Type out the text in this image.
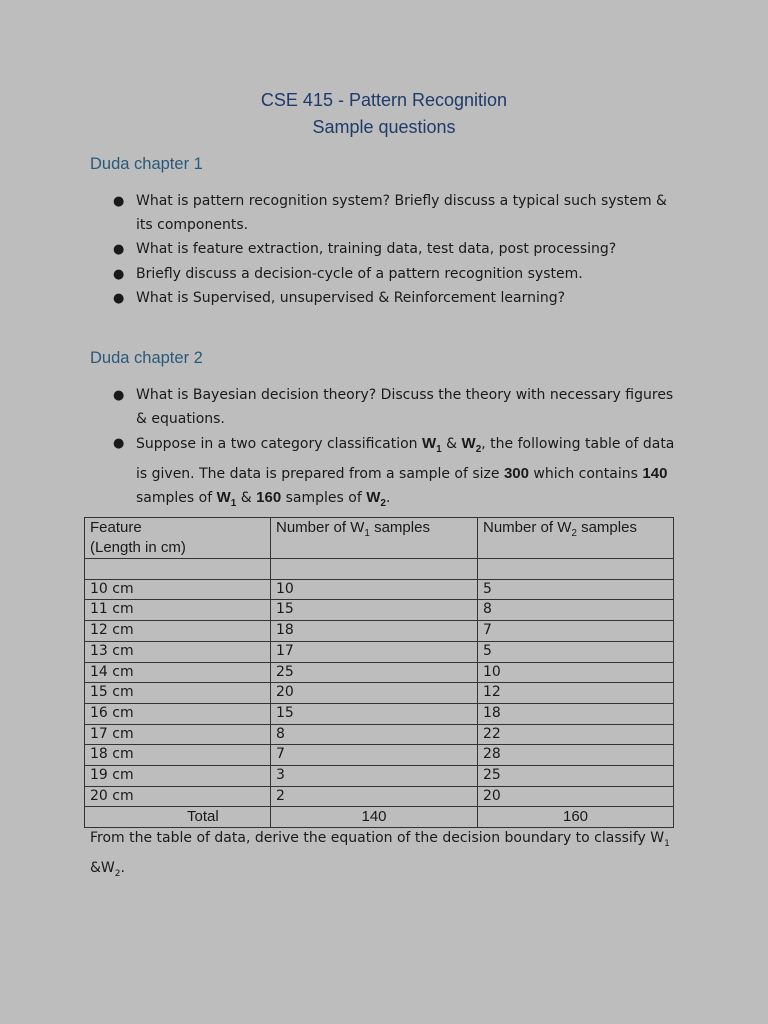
CSE 415 - Pattern Recognition
Sample questions
Duda chapter 1
● What is pattern recognition system? Briefly discuss a typical such system & its components.
● What is feature extraction, training data, test data, post processing?
● Briefly discuss a decision-cycle of a pattern recognition system.
● What is Supervised, unsupervised & Reinforcement learning?
Duda chapter 2
● What is Bayesian decision theory? Discuss the theory with necessary figures & equations.
● Suppose in a two category classification $W_1$ & $W_2$, the following table of data is given. The data is prepared from a sample of size 300 which contains 140 samples of $W_1$ & 160 samples of $W_2$.
Feature
(Length in cm)	Number of $W_1$ samples	Number of $W_2$ samples

10 cm	10	5
11 cm	15	8
12 cm	18	7
13 cm	17	5
14 cm	25	10
15 cm	20	12
16 cm	15	18
17 cm	8	22
18 cm	7	28
19 cm	3	25
20 cm	2	20
Total	140	160
From the table of data, derive the equation of the decision boundary to classify $W_1$ $\&W_2$.
